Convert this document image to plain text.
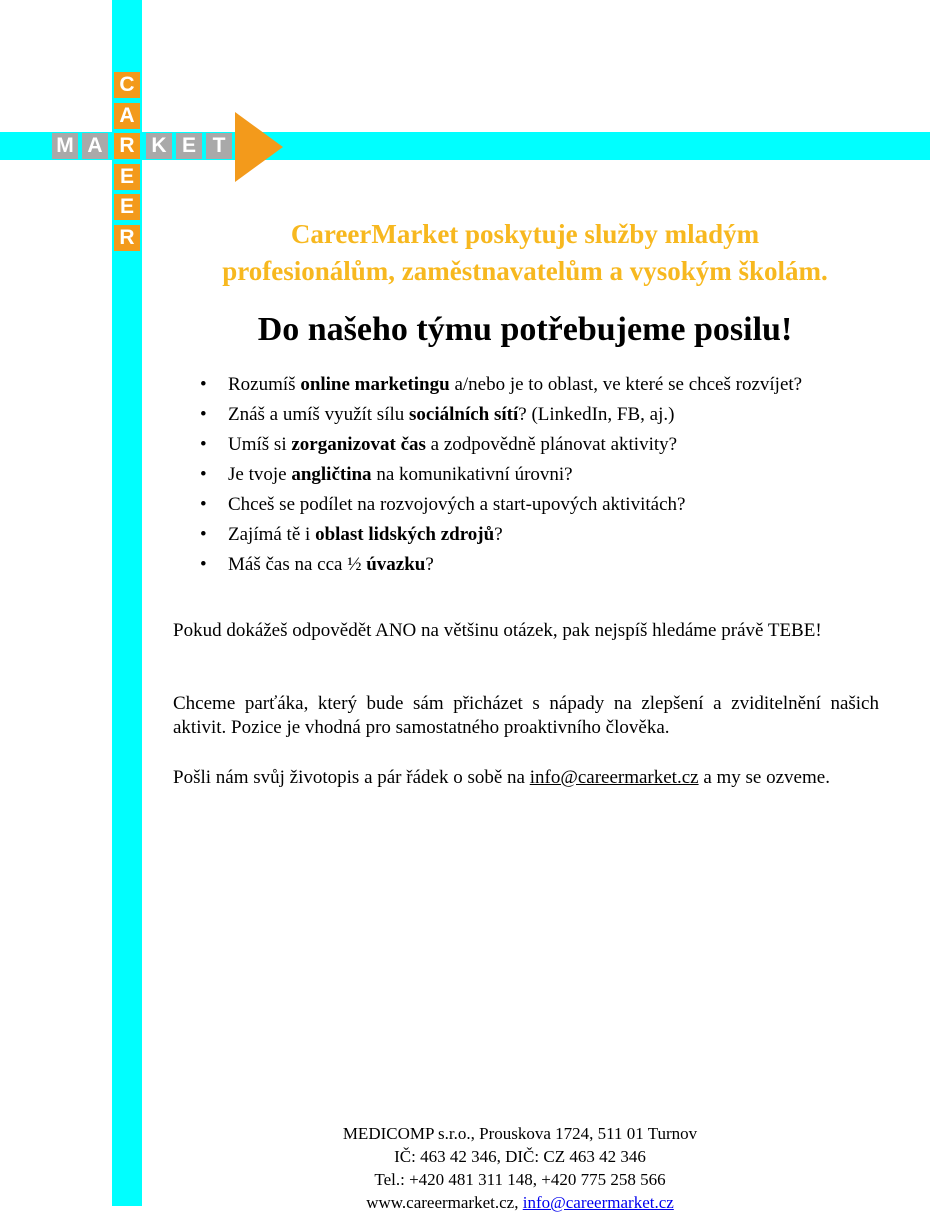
M A R K E T
C
A
E
E
R	CareerMarket poskytuje služby mladým
profesionálům, zaměstnavatelům a vysokým školám.
Do našeho týmu potřebujeme posilu!
• Rozumíš online marketingu a/nebo je to oblast, ve které se chceš rozvíjet?
• Znáš a umíš využít sílu sociálních sítí? (LinkedIn, FB, aj.)
• Umíš si zorganizovat čas a zodpovědně plánovat aktivity?
• Je tvoje angličtina na komunikativní úrovni?
• Chceš se podílet na rozvojových a start-upových aktivitách?
• Zajímá tě i oblast lidských zdrojů?
• Máš čas na cca ½ úvazku?

Pokud dokážeš odpovědět ANO na většinu otázek, pak nejspíš hledáme právě TEBE!

Chceme parťáka, který bude sám přicházet s nápady na zlepšení a zviditelnění našich aktivit. Pozice je vhodná pro samostatného proaktivního člověka.

Pošli nám svůj životopis a pár řádek o sobě na info@careermarket.cz a my se ozveme.

MEDICOMP s.r.o., Prouskova 1724, 511 01 Turnov
IČ: 463 42 346, DIČ: CZ 463 42 346
Tel.: +420 481 311 148, +420 775 258 566
www.careermarket.cz, info@careermarket.cz
